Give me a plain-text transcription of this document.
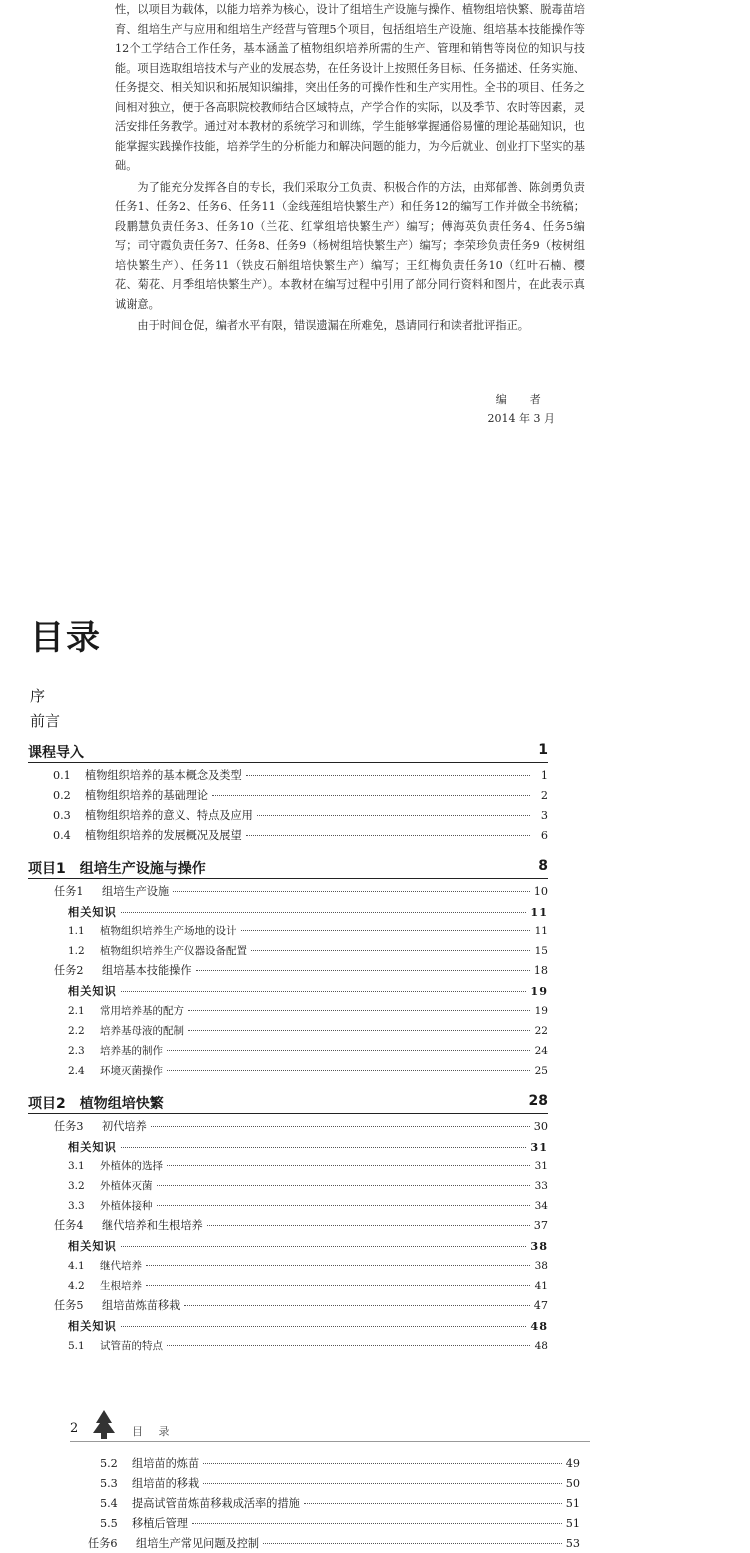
性，以项目为载体，以能力培养为核心，设计了组培生产设施与操作、植物组培快繁、脱毒苗培育、组培生产与应用和组培生产经营与管理5个项目，包括组培生产设施、组培基本技能操作等12个工学结合工作任务，基本涵盖了植物组织培养所需的生产、管理和销售等岗位的知识与技能。项目选取组培技术与产业的发展态势，在任务设计上按照任务目标、任务描述、任务实施、任务提交、相关知识和拓展知识编排，突出任务的可操作性和生产实用性。全书的项目、任务之间相对独立，便于各高职院校教师结合区域特点，产学合作的实际，以及季节、农时等因素，灵活安排任务教学。通过对本教材的系统学习和训练，学生能够掌握通俗易懂的理论基础知识，也能掌握实践操作技能，培养学生的分析能力和解决问题的能力，为今后就业、创业打下坚实的基础。

为了能充分发挥各自的专长，我们采取分工负责、积极合作的方法，由郑郁善、陈剑勇负责任务1、任务2、任务6、任务11（金线莲组培快繁生产）和任务12的编写工作并做全书统稿；段鹏慧负责任务3、任务10（兰花、红掌组培快繁生产）编写；傅海英负责任务4、任务5编写；司守霞负责任务7、任务8、任务9（杨树组培快繁生产）编写；李荣珍负责任务9（桉树组培快繁生产）、任务11（铁皮石斛组培快繁生产）编写；王红梅负责任务10（红叶石楠、樱花、菊花、月季组培快繁生产）。本教材在编写过程中引用了部分同行资料和图片，在此表示真诚谢意。

由于时间仓促，编者水平有限，错误遗漏在所难免，恳请同行和读者批评指正。

编　者
2014 年 3 月
目录
序
前言
课程导入	1
0.1	植物组织培养的基本概念及类型	1
0.2	植物组织培养的基础理论	2
0.3	植物组织培养的意义、特点及应用	3
0.4	植物组织培养的发展概况及展望	6
项目1　组培生产设施与操作	8
任务1	组培生产设施	10
相关知识	11
1.1	植物组织培养生产场地的设计	11
1.2	植物组织培养生产仪器设备配置	15
任务2	组培基本技能操作	18
相关知识	19
2.1	常用培养基的配方	19
2.2	培养基母液的配制	22
2.3	培养基的制作	24
2.4	环境灭菌操作	25
项目2　植物组培快繁	28
任务3	初代培养	30
相关知识	31
3.1	外植体的选择	31
3.2	外植体灭菌	33
3.3	外植体接种	34
任务4	继代培养和生根培养	37
相关知识	38
4.1	继代培养	38
4.2	生根培养	41
任务5	组培苗炼苗移栽	47
相关知识	48
5.1	试管苗的特点	48
2	目 录
5.2	组培苗的炼苗	49
5.3	组培苗的移栽	50
5.4	提高试管苗炼苗移栽成活率的措施	51
5.5	移植后管理	51
任务6	组培生产常见问题及控制	53
